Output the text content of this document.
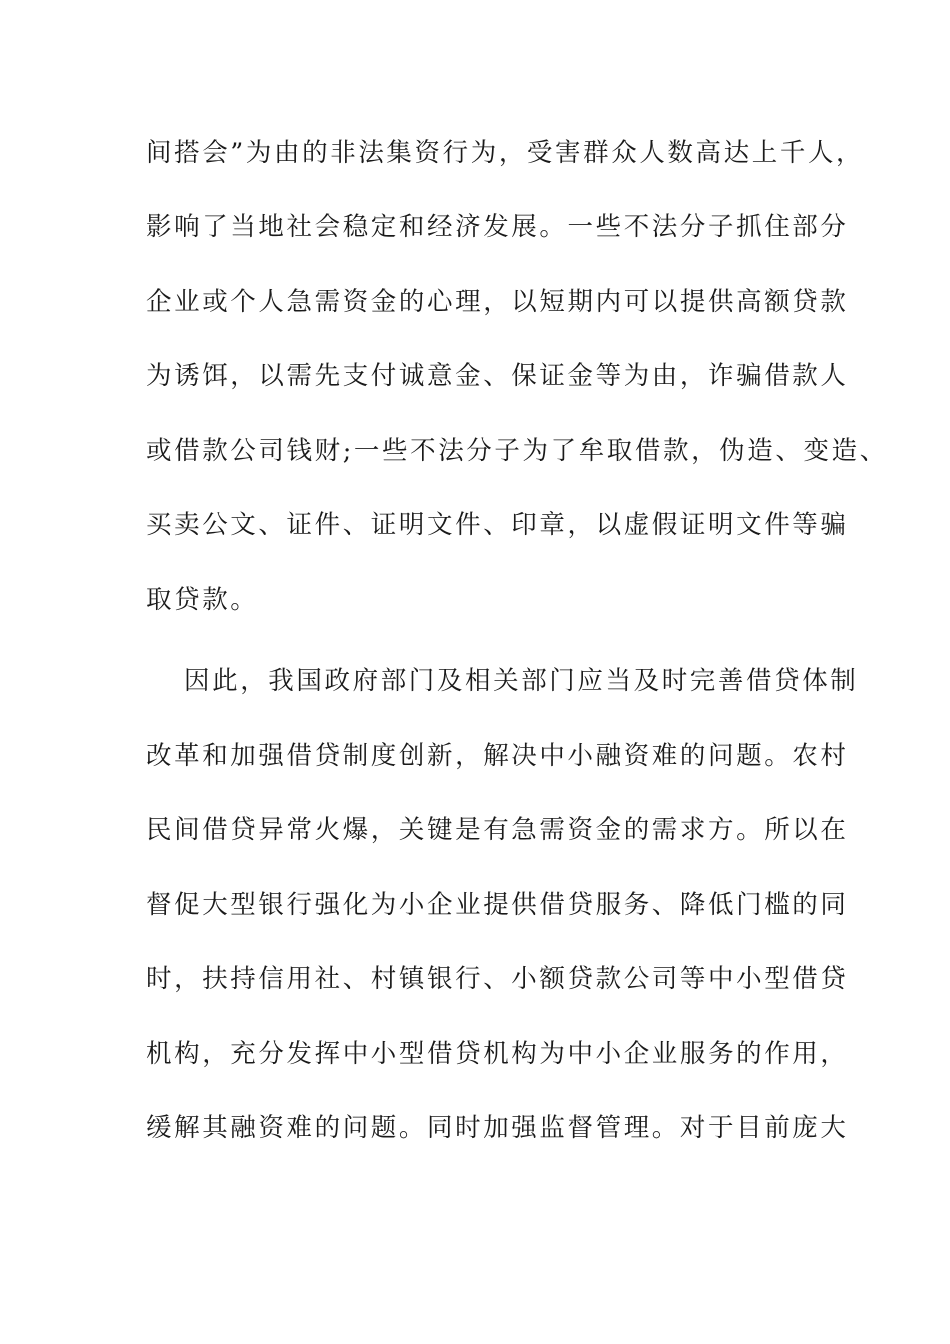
间搭会”为由的非法集资行为，受害群众人数高达上千人，
影响了当地社会稳定和经济发展。一些不法分子抓住部分
企业或个人急需资金的心理，以短期内可以提供高额贷款
为诱饵，以需先支付诚意金、保证金等为由，诈骗借款人
或借款公司钱财;一些不法分子为了牟取借款，伪造、变造、
买卖公文、证件、证明文件、印章，以虚假证明文件等骗
取贷款。
因此，我国政府部门及相关部门应当及时完善借贷体制
改革和加强借贷制度创新，解决中小融资难的问题。农村
民间借贷异常火爆，关键是有急需资金的需求方。所以在
督促大型银行强化为小企业提供借贷服务、降低门槛的同
时，扶持信用社、村镇银行、小额贷款公司等中小型借贷
机构，充分发挥中小型借贷机构为中小企业服务的作用，
缓解其融资难的问题。同时加强监督管理。对于目前庞大
